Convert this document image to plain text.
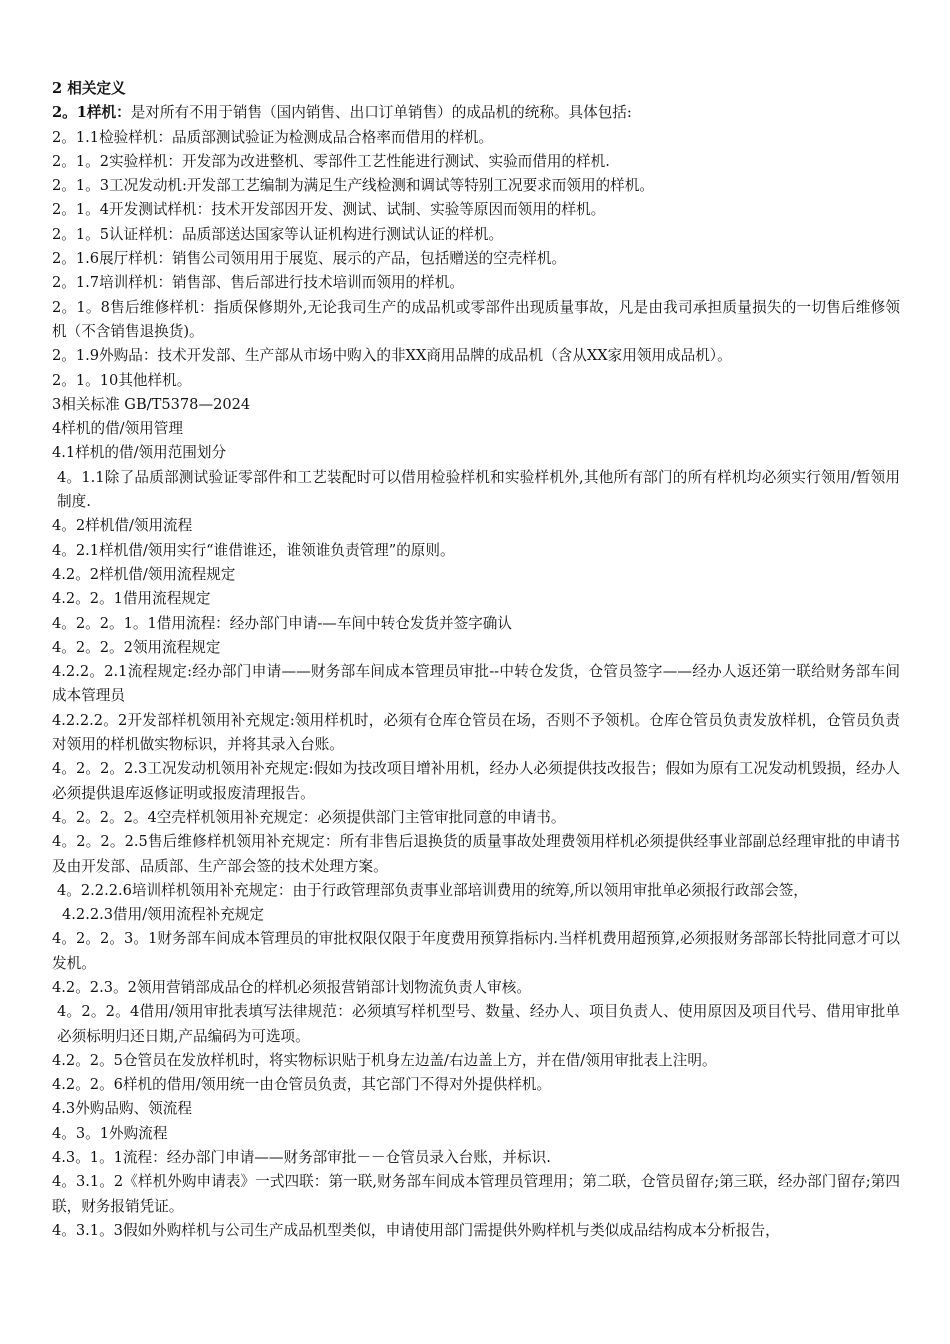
2 相关定义

2。1样机：是对所有不用于销售（国内销售、出口订单销售）的成品机的统称。具体包括:

2。1.1检验样机：品质部测试验证为检测成品合格率而借用的样机。

2。1。2实验样机：开发部为改进整机、零部件工艺性能进行测试、实验而借用的样机.

2。1。3工况发动机:开发部工艺编制为满足生产线检测和调试等特别工况要求而领用的样机。

2。1。4开发测试样机：技术开发部因开发、测试、试制、实验等原因而领用的样机。

2。1。5认证样机：品质部送达国家等认证机构进行测试认证的样机。

2。1.6展厅样机：销售公司领用用于展览、展示的产品，包括赠送的空壳样机。

2。1.7培训样机：销售部、售后部进行技术培训而领用的样机。

2。1。8售后维修样机：指质保修期外,无论我司生产的成品机或零部件出现质量事故，凡是由我司承担质量损失的一切售后维修领机（不含销售退换货)。

2。1.9外购品：技术开发部、生产部从市场中购入的非XX商用品牌的成品机（含从XX家用领用成品机）。

2。1。10其他样机。

3相关标准 GB/T5378—2024

4样机的借/领用管理

4.1样机的借/领用范围划分

4。1.1除了品质部测试验证零部件和工艺装配时可以借用检验样机和实验样机外,其他所有部门的所有样机均必须实行领用/暂领用制度.

4。2样机借/领用流程

4。2.1样机借/领用实行“谁借谁还，谁领谁负责管理”的原则。

4.2。2样机借/领用流程规定

4.2。2。1借用流程规定

4。2。2。1。1借用流程：经办部门申请-—车间中转仓发货并签字确认

4。2。2。2领用流程规定

4.2.2。2.1流程规定:经办部门申请——财务部车间成本管理员审批--中转仓发货，仓管员签字——经办人返还第一联给财务部车间成本管理员

4.2.2.2。2开发部样机领用补充规定:领用样机时，必须有仓库仓管员在场，否则不予领机。仓库仓管员负责发放样机，仓管员负责对领用的样机做实物标识，并将其录入台账。

4。2。2。2.3工况发动机领用补充规定:假如为技改项目增补用机，经办人必须提供技改报告；假如为原有工况发动机毁损，经办人必须提供退库返修证明或报废清理报告。

4。2。2。2。4空壳样机领用补充规定：必须提供部门主管审批同意的申请书。

4。2。2。2.5售后维修样机领用补充规定：所有非售后退换货的质量事故处理费领用样机必须提供经事业部副总经理审批的申请书及由开发部、品质部、生产部会签的技术处理方案。

4。2.2.2.6培训样机领用补充规定：由于行政管理部负责事业部培训费用的统筹,所以领用审批单必须报行政部会签，
4.2.2.3借用/领用流程补充规定

4。2。2。3。1财务部车间成本管理员的审批权限仅限于年度费用预算指标内.当样机费用超预算,必须报财务部部长特批同意才可以发机。

4.2。2.3。2领用营销部成品仓的样机必须报营销部计划物流负责人审核。

4。2。2。4借用/领用审批表填写法律规范：必须填写样机型号、数量、经办人、项目负责人、使用原因及项目代号、借用审批单必须标明归还日期,产品编码为可选项。

4.2。2。5仓管员在发放样机时，将实物标识贴于机身左边盖/右边盖上方，并在借/领用审批表上注明。

4.2。2。6样机的借用/领用统一由仓管员负责，其它部门不得对外提供样机。

4.3外购品购、领流程

4。3。1外购流程

4.3。1。1流程：经办部门申请——财务部审批－－仓管员录入台账，并标识.

4。3.1。2《样机外购申请表》一式四联：第一联,财务部车间成本管理员管理用；第二联，仓管员留存;第三联，经办部门留存;第四联，财务报销凭证。

4。3.1。3假如外购样机与公司生产成品机型类似，申请使用部门需提供外购样机与类似成品结构成本分析报告，
